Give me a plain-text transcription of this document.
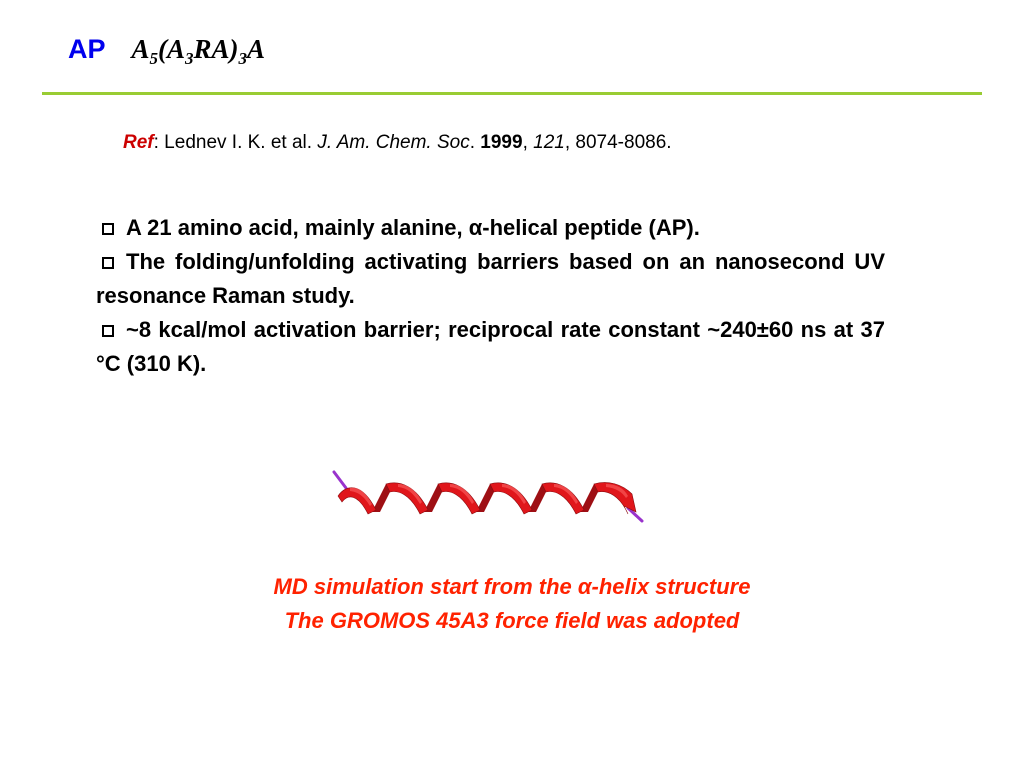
AP $A_5(A_3RA)_3A$
Ref: Lednev I. K. et al. J. Am. Chem. Soc. 1999, 121, 8074-8086.

A 21 amino acid, mainly alanine, α-helical peptide (AP).

The folding/unfolding activating barriers based on an nanosecond UV resonance Raman study.

~8 kcal/mol activation barrier; reciprocal rate constant ~240±60 ns at 37 °C (310 K).

MD simulation start from the α-helix structure
The GROMOS 45A3 force field was adopted
